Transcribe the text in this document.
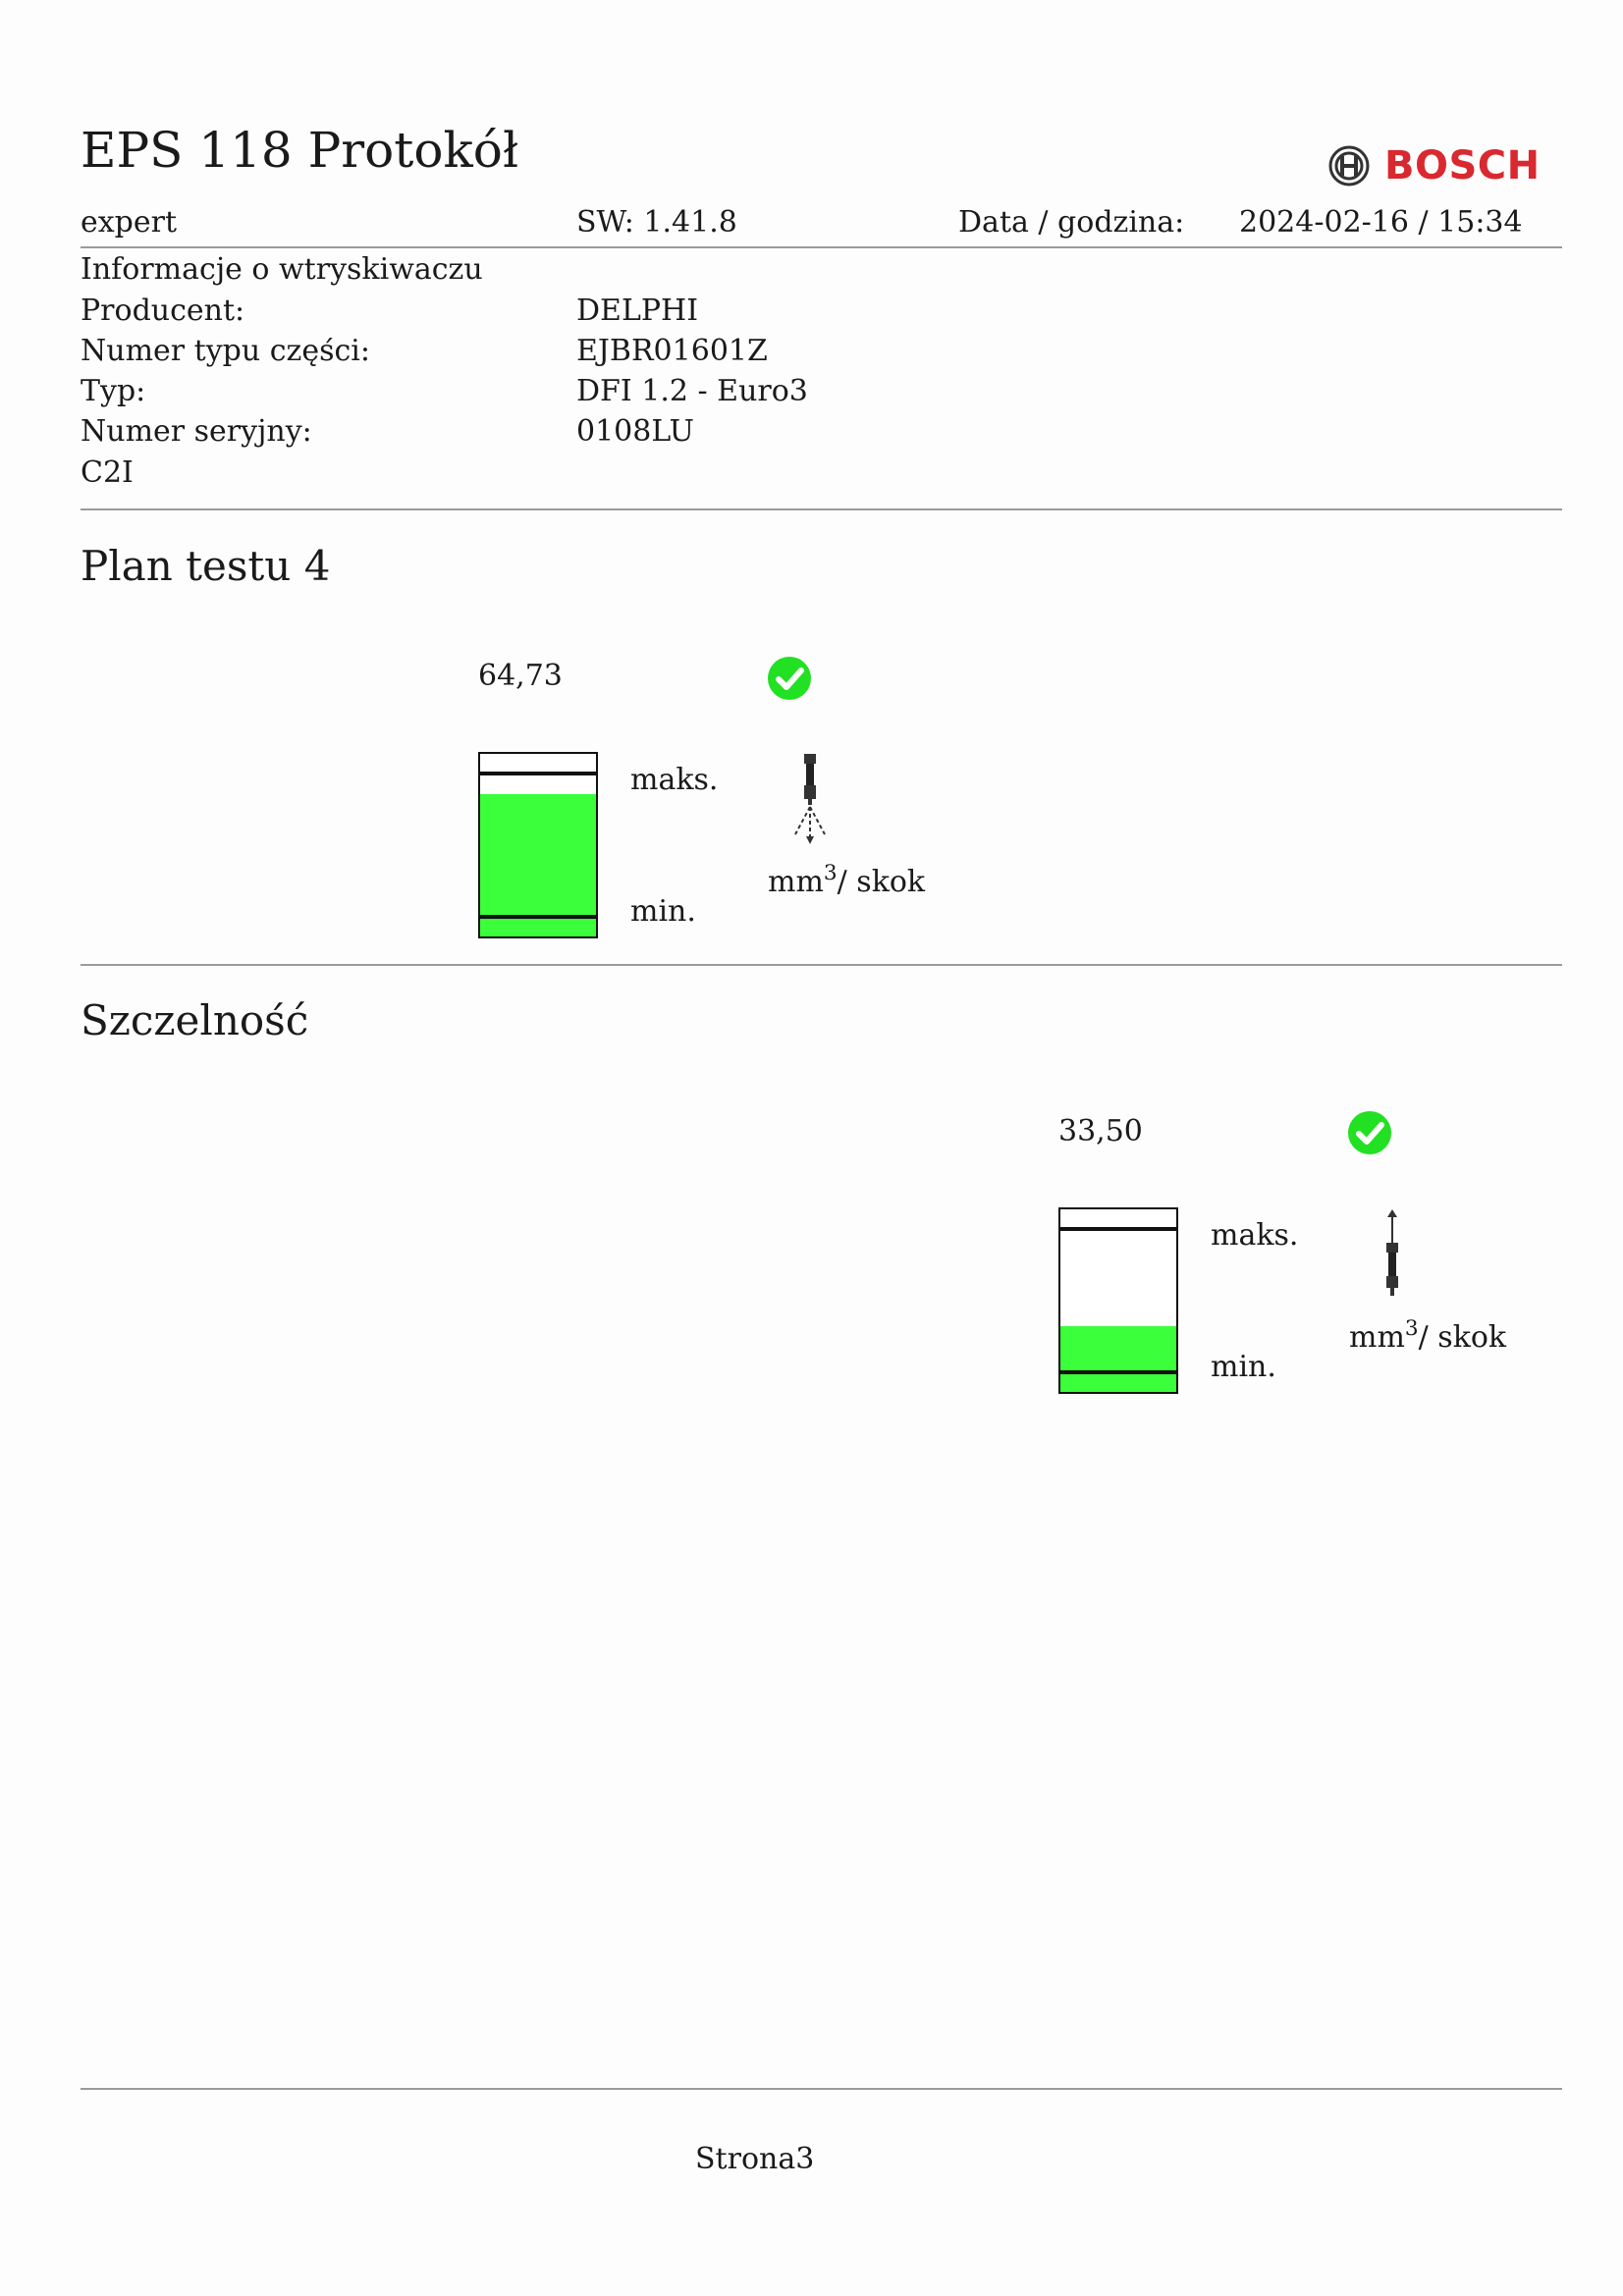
EPS 118 Protokół	BOSCH
expert	SW: 1.41.8	Data / godzina: 2024-02-16 / 15:34
Informacje o wtryskiwaczu
Producent:	DELPHI
Numer typu części:	EJBR01601Z
Typ:	DFI 1.2 - Euro3
Numer seryjny:	0108LU
C2I
Plan testu 4
64,73
maks.
min.
$mm^3/$ skok
Szczelność
33,50
maks.
min.
$mm^3/$ skok
Strona3
